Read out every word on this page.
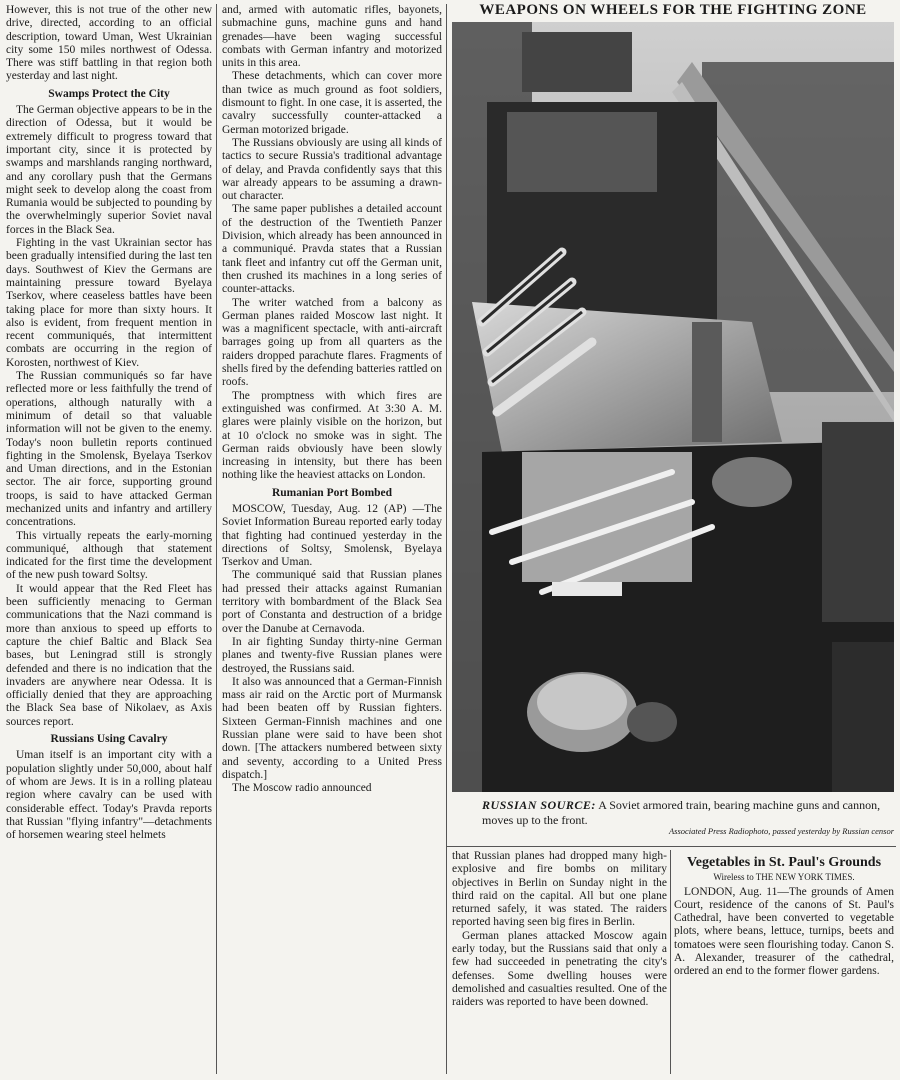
However, this is not true of the other new drive, directed, according to an official description, toward Uman, West Ukrainian city some 150 miles northwest of Odessa. There was stiff battling in that region both yesterday and last night.

Swamps Protect the City

The German objective appears to be in the direction of Odessa, but it would be extremely difficult to progress toward that important city, since it is protected by swamps and marshlands ranging northward, and any corollary push that the Germans might seek to develop along the coast from Rumania would be subjected to pounding by the overwhelmingly superior Soviet naval forces in the Black Sea.

Fighting in the vast Ukrainian sector has been gradually intensified during the last ten days. Southwest of Kiev the Germans are maintaining pressure toward Byelaya Tserkov, where ceaseless battles have been taking place for more than sixty hours. It also is evident, from frequent mention in recent communiqués, that intermittent combats are occurring in the region of Korosten, northwest of Kiev.

The Russian communiqués so far have reflected more or less faithfully the trend of operations, although naturally with a minimum of detail so that valuable information will not be given to the enemy. Today's noon bulletin reports continued fighting in the Smolensk, Byelaya Tserkov and Uman directions, and in the Estonian sector. The air force, supporting ground troops, is said to have attacked German mechanized units and infantry and artillery concentrations.

This virtually repeats the early-morning communiqué, although that statement indicated for the first time the development of the new push toward Soltsy.

It would appear that the Red Fleet has been sufficiently menacing to German communications that the Nazi command is more than anxious to speed up efforts to capture the chief Baltic and Black Sea bases, but Leningrad still is strongly defended and there is no indication that the invaders are anywhere near Odessa. It is officially denied that they are approaching the Black Sea base of Nikolaev, as Axis sources report.

Russians Using Cavalry

Uman itself is an important city with a population slightly under 50,000, about half of whom are Jews. It is in a rolling plateau region where cavalry can be used with considerable effect. Today's Pravda reports that Russian "flying infantry"—detachments of horsemen wearing steel helmets

and, armed with automatic rifles, bayonets, submachine guns, machine guns and hand grenades—have been waging successful combats with German infantry and motorized units in this area.

These detachments, which can cover more than twice as much ground as foot soldiers, dismount to fight. In one case, it is asserted, the cavalry successfully counter-attacked a German motorized brigade.

The Russians obviously are using all kinds of tactics to secure Russia's traditional advantage of delay, and Pravda confidently says that this war already appears to be assuming a drawn-out character.

The same paper publishes a detailed account of the destruction of the Twentieth Panzer Division, which already has been announced in a communiqué. Pravda states that a Russian tank fleet and infantry cut off the German unit, then crushed its machines in a long series of counter-attacks.

The writer watched from a balcony as German planes raided Moscow last night. It was a magnificent spectacle, with anti-aircraft barrages going up from all quarters as the raiders dropped parachute flares. Fragments of shells fired by the defending batteries rattled on roofs.

The promptness with which fires are extinguished was confirmed. At 3:30 A. M. glares were plainly visible on the horizon, but at 10 o'clock no smoke was in sight. The German raids obviously have been slowly increasing in intensity, but there has been nothing like the heaviest attacks on London.

Rumanian Port Bombed

MOSCOW, Tuesday, Aug. 12 (AP) —The Soviet Information Bureau reported early today that fighting had continued yesterday in the directions of Soltsy, Smolensk, Byelaya Tserkov and Uman.

The communiqué said that Russian planes had pressed their attacks against Rumanian territory with bombardment of the Black Sea port of Constanta and destruction of a bridge over the Danube at Cernavoda.

In air fighting Sunday thirty-nine German planes and twenty-five Russian planes were destroyed, the Russians said.

It also was announced that a German-Finnish mass air raid on the Arctic port of Murmansk had been beaten off by Russian fighters. Sixteen German-Finnish machines and one Russian plane were said to have been shot down. [The attackers numbered between sixty and seventy, according to a United Press dispatch.]

The Moscow radio announced

WEAPONS ON WHEELS FOR THE FIGHTING ZONE
RUSSIAN SOURCE: A Soviet armored train, bearing machine guns and cannon, moves up to the front.
Associated Press Radiophoto, passed yesterday by Russian censor

that Russian planes had dropped many high-explosive and fire bombs on military objectives in Berlin on Sunday night in the third raid on the capital. All but one plane returned safely, it was stated. The raiders reported having seen big fires in Berlin.

German planes attacked Moscow again early today, but the Russians said that only a few had succeeded in penetrating the city's defenses. Some dwelling houses were demolished and casualties resulted. One of the raiders was reported to have been downed.

Vegetables in St. Paul's Grounds
Wireless to THE NEW YORK TIMES.

LONDON, Aug. 11—The grounds of Amen Court, residence of the canons of St. Paul's Cathedral, have been converted to vegetable plots, where beans, lettuce, turnips, beets and tomatoes were seen flourishing today. Canon S. A. Alexander, treasurer of the cathedral, ordered an end to the former flower gardens.
